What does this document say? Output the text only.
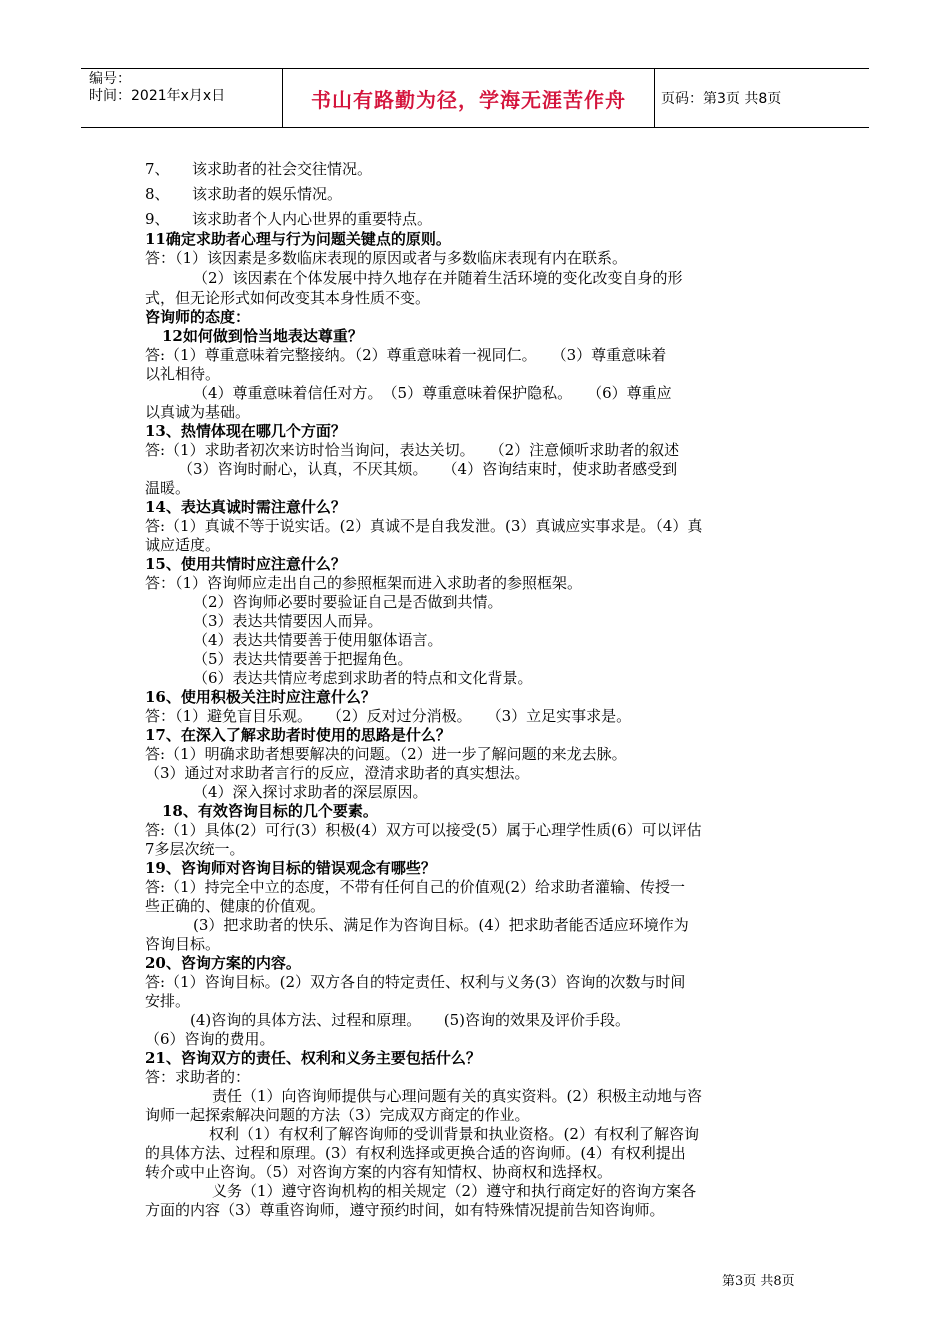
编号：
时间：2021年x月x日	书山有路勤为径，学海无涯苦作舟	页码：第3页 共8页
7、　　该求助者的社会交往情况。
8、　　该求助者的娱乐情况。
9、　　该求助者个人内心世界的重要特点。
11确定求助者心理与行为问题关键点的原则。
答：（1）该因素是多数临床表现的原因或者与多数临床表现有内在联系。
（2）该因素在个体发展中持久地存在并随着生活环境的变化改变自身的形
式，但无论形式如何改变其本身性质不变。
咨询师的态度：
12如何做到恰当地表达尊重？
答:（1）尊重意味着完整接纳。（2）尊重意味着一视同仁。　　（3）尊重意味着
以礼相待。
（4）尊重意味着信任对方。　（5）尊重意味着保护隐私。　　（6）尊重应
以真诚为基础。
13、热情体现在哪几个方面？
答:（1）求助者初次来访时恰当询问，表达关切。　　（2）注意倾听求助者的叙述
（3）咨询时耐心，认真，不厌其烦。　　（4）咨询结束时，使求助者感受到
温暖。
14、表达真诚时需注意什么？
答:（1）真诚不等于说实话。(2）真诚不是自我发泄。(3）真诚应实事求是。（4）真
诚应适度。
15、使用共情时应注意什么？
答：（1）咨询师应走出自己的参照框架而进入求助者的参照框架。
（2）咨询师必要时要验证自己是否做到共情。
（3）表达共情要因人而异。
（4）表达共情要善于使用躯体语言。
（5）表达共情要善于把握角色。
（6）表达共情应考虑到求助者的特点和文化背景。
16、使用积极关注时应注意什么？
答：（1）避免盲目乐观。　　（2）反对过分消极。　　（3）立足实事求是。
17、在深入了解求助者时使用的思路是什么？
答:（1）明确求助者想要解决的问题。（2）进一步了解问题的来龙去脉。
（3）通过对求助者言行的反应，澄清求助者的真实想法。
（4）深入探讨求助者的深层原因。
18、有效咨询目标的几个要素。
答:（1）具体(2）可行(3）积极(4）双方可以接受(5）属于心理学性质(6）可以评估
7多层次统一。
19、咨询师对咨询目标的错误观念有哪些？
答:（1）持完全中立的态度，不带有任何自己的价值观(2）给求助者灌输、传授一
些正确的、健康的价值观。
(3）把求助者的快乐、满足作为咨询目标。(4）把求助者能否适应环境作为
咨询目标。
20、咨询方案的内容。
答:（1）咨询目标。(2）双方各自的特定责任、权利与义务(3）咨询的次数与时间
安排。
(4)咨询的具体方法、过程和原理。　　(5)咨询的效果及评价手段。
（6）咨询的费用。
21、咨询双方的责任、权利和义务主要包括什么？
答：求助者的：
责任（1）向咨询师提供与心理问题有关的真实资料。(2）积极主动地与咨
询师一起探索解决问题的方法（3）完成双方商定的作业。
权利（1）有权利了解咨询师的受训背景和执业资格。(2）有权利了解咨询
的具体方法、过程和原理。(3）有权利选择或更换合适的咨询师。(4）有权利提出
转介或中止咨询。（5）对咨询方案的内容有知情权、协商权和选择权。
义务（1）遵守咨询机构的相关规定（2）遵守和执行商定好的咨询方案各
方面的内容（3）尊重咨询师，遵守预约时间，如有特殊情况提前告知咨询师。
第3页 共8页
